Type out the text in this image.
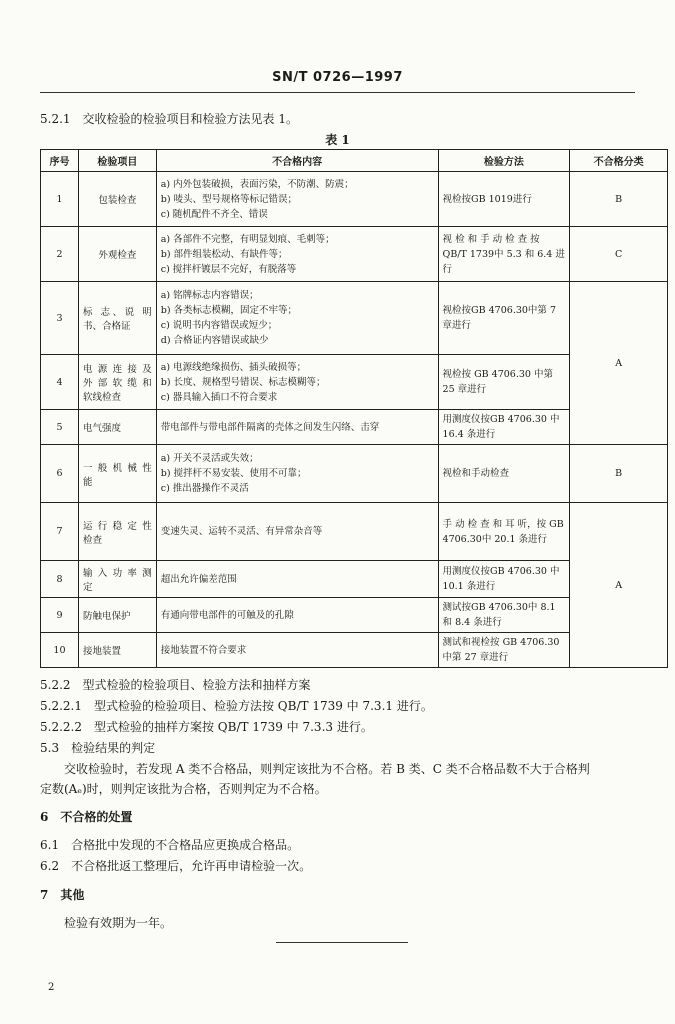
SN/T 0726—1997
5.2.1 交收检验的检验项目和检验方法见表 1。
表 1
序号	检验项目	不合格内容	检验方法	不合格分类
1	包装检查	a) 内外包装破损，表面污染，不防潮、防震；
b) 唛头、型号规格等标记错误；
c) 随机配件不齐全、错误	视检按GB 1019进行	B
2	外观检查	a) 各部件不完整，有明显划痕、毛刺等；
b) 部件组装松动、有缺件等；
c) 搅拌杆镀层不完好，有脱落等	视 检 和 手 动 检 查 按 QB/T 1739中 5.3 和 6.4 进行	C
3	标 志、说 明 书、合格证	a) 铭牌标志内容错误；
b) 各类标志模糊，固定不牢等；
c) 说明书内容错误或短少；
d) 合格证内容错误或缺少	视检按GB 4706.30中第 7 章进行	A
4	电 源 连 接 及 外 部 软 缆 和 软线检查	a) 电源线绝缘损伤、插头破损等；
b) 长度、规格型号错误、标志模糊等；
c) 器具输入插口不符合要求	视检按 GB 4706.30 中第 25 章进行	
5	电气强度	带电部件与带电部件隔离的壳体之间发生闪络、击穿	用测度仪按GB 4706.30 中 16.4 条进行	
6	一 般 机 械 性 能	a) 开关不灵活或失效；
b) 搅拌杆不易安装、使用不可靠；
c) 推出器操作不灵活	视检和手动检查	B
7	运 行 稳 定 性 检查	变速失灵、运转不灵活、有异常杂音等	手 动 检 查 和 耳 听，按 GB 4706.30中 20.1 条进行	A
8	输 入 功 率 测 定	超出允许偏差范围	用测度仪按GB 4706.30 中 10.1 条进行	
9	防触电保护	有通向带电部件的可触及的孔隙	测试按GB 4706.30中 8.1 和 8.4 条进行	
10	接地装置	接地装置不符合要求	测试和视检按 GB 4706.30 中第 27 章进行	
5.2.2 型式检验的检验项目、检验方法和抽样方案
5.2.2.1 型式检验的检验项目、检验方法按 QB/T 1739 中 7.3.1 进行。
5.2.2.2 型式检验的抽样方案按 QB/T 1739 中 7.3.3 进行。
5.3 检验结果的判定
交收检验时，若发现 A 类不合格品，则判定该批为不合格。若 B 类、C 类不合格品数不大于合格判
定数(Aₑ)时，则判定该批为合格，否则判定为不合格。
6 不合格的处置
6.1 合格批中发现的不合格品应更换成合格品。
6.2 不合格批返工整理后，允许再申请检验一次。
7 其他
检验有效期为一年。
2
